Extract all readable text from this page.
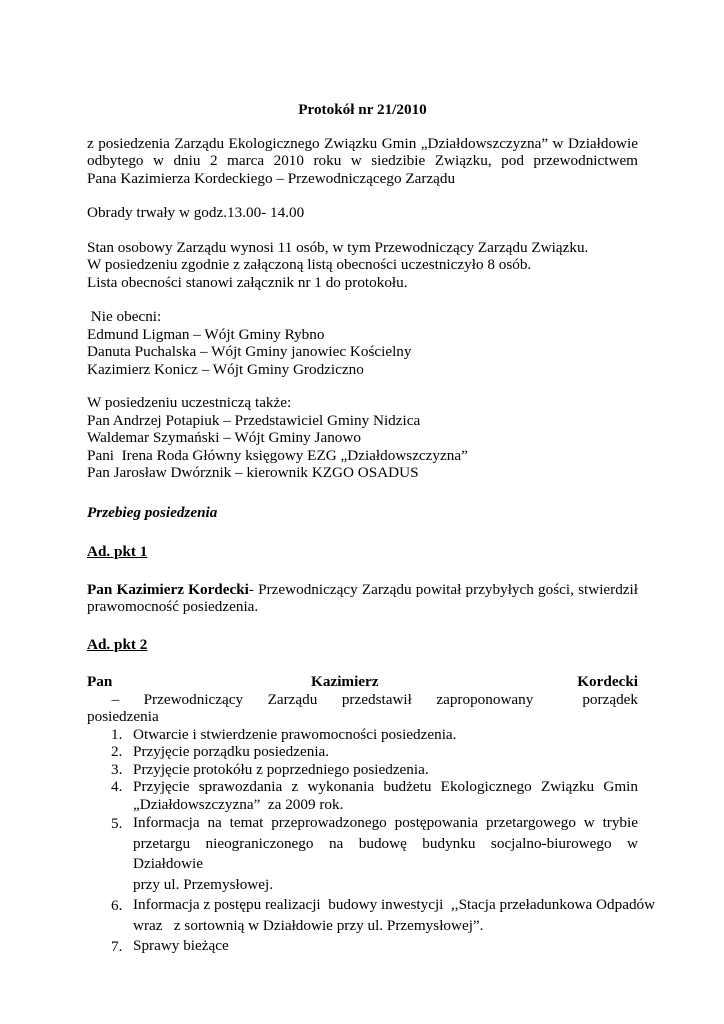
Protokół nr 21/2010

z posiedzenia Zarządu Ekologicznego Związku Gmin „Działdowszczyzna” w Działdowie
odbytego w dniu 2 marca 2010 roku w siedzibie Związku, pod przewodnictwem
Pana Kazimierza Kordeckiego – Przewodniczącego Zarządu

Obrady trwały w godz.13.00- 14.00

Stan osobowy Zarządu wynosi 11 osób, w tym Przewodniczący Zarządu Związku.
W posiedzeniu zgodnie z załączoną listą obecności uczestniczyło 8 osób.
Lista obecności stanowi załącznik nr 1 do protokołu.

Nie obecni:
Edmund Ligman – Wójt Gminy Rybno
Danuta Puchalska – Wójt Gminy janowiec Kościelny
Kazimierz Konicz – Wójt Gminy Grodziczno

W posiedzeniu uczestniczą także:
Pan Andrzej Potapiuk – Przedstawiciel Gminy Nidzica
Waldemar Szymański – Wójt Gminy Janowo
Pani  Irena Roda Główny księgowy EZG „Działdowszczyzna”
Pan Jarosław Dwórznik – kierownik KZGO OSADUS

Przebieg posiedzenia

Ad. pkt 1

Pan Kazimierz Kordecki- Przewodniczący Zarządu powitał przybyłych gości, stwierdził
prawomocność posiedzenia.

Ad. pkt 2

Pan Kazimierz Kordecki – Przewodniczący Zarządu przedstawił zaproponowany  porządek
posiedzenia

1. Otwarcie i stwierdzenie prawomocności posiedzenia.
2. Przyjęcie porządku posiedzenia.
3. Przyjęcie protokółu z poprzedniego posiedzenia.
4. Przyjęcie sprawozdania z wykonania budżetu Ekologicznego Związku Gmin
„Działdowszczyzna”  za 2009 rok.
5. Informacja na temat przeprowadzonego postępowania przetargowego w trybie
przetargu nieograniczonego na budowę budynku socjalno-biurowego w Działdowie
przy ul. Przemysłowej.
6. Informacja z postępu realizacji  budowy inwestycji  ,,Stacja przeładunkowa Odpadów
wraz   z sortownią w Działdowie przy ul. Przemysłowej”.
7. Sprawy bieżące
